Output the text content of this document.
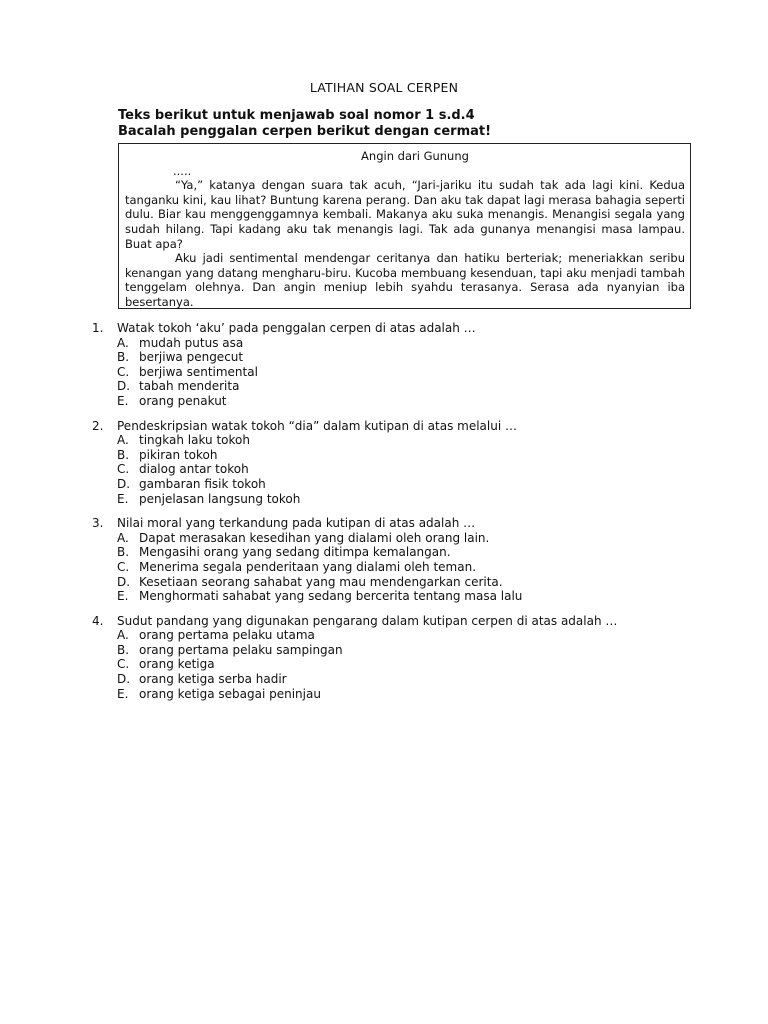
LATIHAN SOAL CERPEN
Teks berikut untuk menjawab soal nomor 1 s.d.4
Bacalah penggalan cerpen berikut dengan cermat!
Angin dari Gunung
.....

“Ya,” katanya dengan suara tak acuh, “Jari-jariku itu sudah tak ada lagi kini. Kedua tanganku kini, kau lihat? Buntung karena perang. Dan aku tak dapat lagi merasa bahagia seperti dulu. Biar kau menggenggamnya kembali. Makanya aku suka menangis. Menangisi segala yang sudah hilang. Tapi kadang aku tak menangis lagi. Tak ada gunanya menangisi masa lampau. Buat apa?

Aku jadi sentimental mendengar ceritanya dan hatiku berteriak; meneriakkan seribu kenangan yang datang mengharu-biru. Kucoba membuang kesenduan, tapi aku menjadi tambah tenggelam olehnya. Dan angin meniup lebih syahdu terasanya. Serasa ada nyanyian iba besertanya.

1.	Watak tokoh ‘aku’ pada penggalan cerpen di atas adalah …
A. mudah putus asa
B. berjiwa pengecut
C. berjiwa sentimental
D. tabah menderita
E. orang penakut
2.	Pendeskripsian watak tokoh “dia” dalam kutipan di atas melalui …
A. tingkah laku tokoh
B. pikiran tokoh
C. dialog antar tokoh
D. gambaran fisik tokoh
E. penjelasan langsung tokoh
3.	Nilai moral yang terkandung pada kutipan di atas adalah …
A. Dapat merasakan kesedihan yang dialami oleh orang lain.
B. Mengasihi orang yang sedang ditimpa kemalangan.
C. Menerima segala penderitaan yang dialami oleh teman.
D. Kesetiaan seorang sahabat yang mau mendengarkan cerita.
E. Menghormati sahabat yang sedang bercerita tentang masa lalu
4.	Sudut pandang yang digunakan pengarang dalam kutipan cerpen di atas adalah …
A. orang pertama pelaku utama
B. orang pertama pelaku sampingan
C. orang ketiga
D. orang ketiga serba hadir
E. orang ketiga sebagai peninjau
